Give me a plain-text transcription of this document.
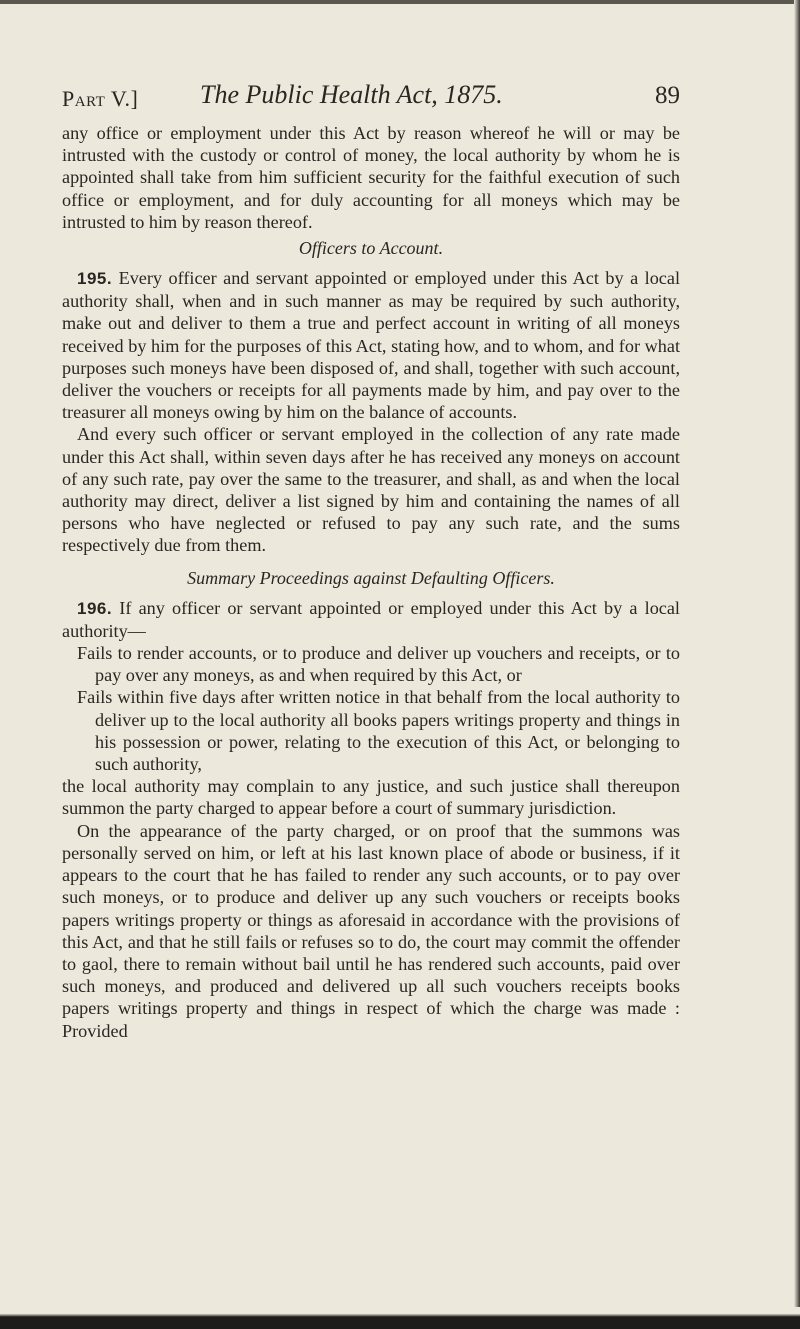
Part V.] The Public Health Act, 1875.	89

any office or employment under this Act by reason whereof he will or may be intrusted with the custody or control of money, the local authority by whom he is appointed shall take from him sufficient security for the faithful execution of such office or employment, and for duly accounting for all moneys which may be intrusted to him by reason thereof.

Officers to Account.

195. Every officer and servant appointed or employed under this Act by a local authority shall, when and in such manner as may be required by such authority, make out and deliver to them a true and perfect account in writing of all moneys received by him for the purposes of this Act, stating how, and to whom, and for what purposes such moneys have been disposed of, and shall, together with such account, deliver the vouchers or receipts for all payments made by him, and pay over to the treasurer all moneys owing by him on the balance of accounts.

And every such officer or servant employed in the collection of any rate made under this Act shall, within seven days after he has received any moneys on account of any such rate, pay over the same to the treasurer, and shall, as and when the local authority may direct, deliver a list signed by him and containing the names of all persons who have neglected or refused to pay any such rate, and the sums respectively due from them.

Summary Proceedings against Defaulting Officers.

196. If any officer or servant appointed or employed under this Act by a local authority—

Fails to render accounts, or to produce and deliver up vouchers and receipts, or to pay over any moneys, as and when required by this Act, or

Fails within five days after written notice in that behalf from the local authority to deliver up to the local authority all books papers writings property and things in his possession or power, relating to the execution of this Act, or belonging to such authority,

the local authority may complain to any justice, and such justice shall thereupon summon the party charged to appear before a court of summary jurisdiction.

On the appearance of the party charged, or on proof that the summons was personally served on him, or left at his last known place of abode or business, if it appears to the court that he has failed to render any such accounts, or to pay over such moneys, or to produce and deliver up any such vouchers or receipts books papers writings property or things as aforesaid in accordance with the provisions of this Act, and that he still fails or refuses so to do, the court may commit the offender to gaol, there to remain without bail until he has rendered such accounts, paid over such moneys, and produced and delivered up all such vouchers receipts books papers writings property and things in respect of which the charge was made : Provided
